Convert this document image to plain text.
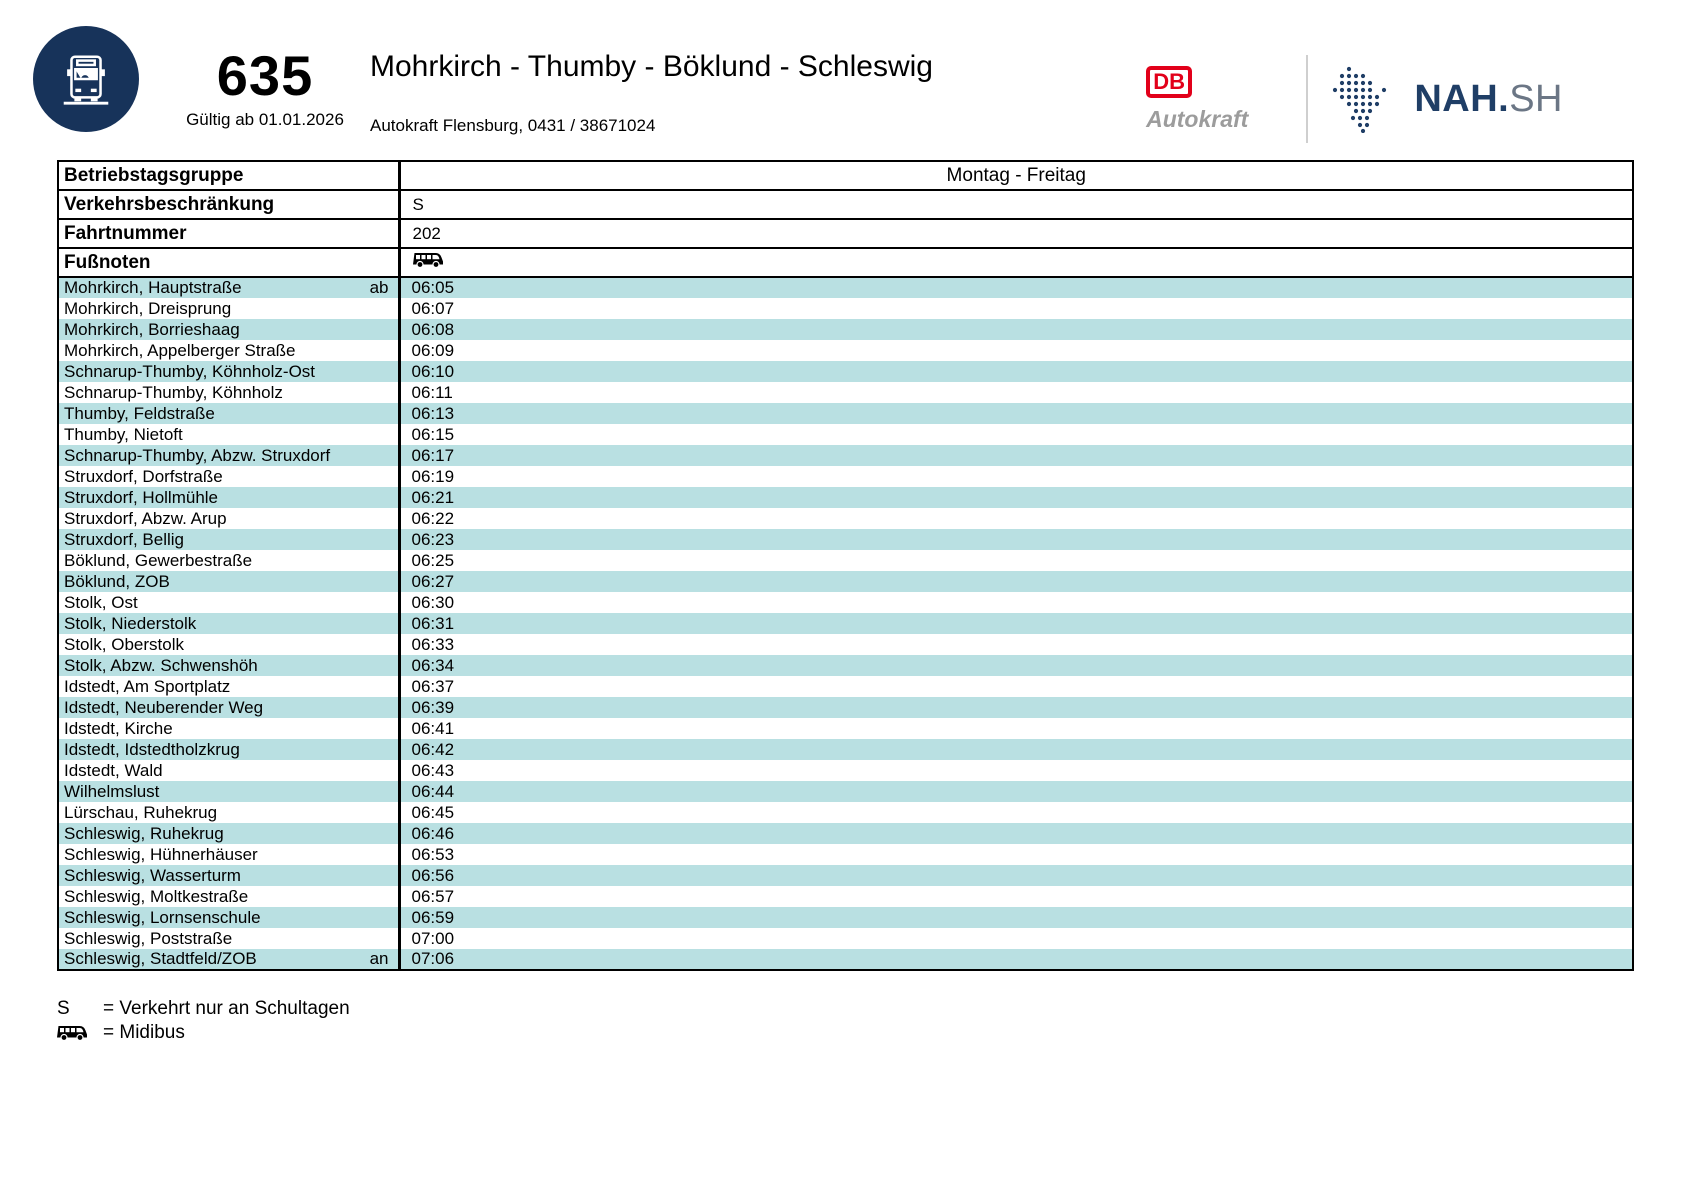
635
Gültig ab 01.01.2026
Mohrkirch - Thumby - Böklund - Schleswig
Autokraft Flensburg, 0431 / 38671024
DB
Autokraft	NAH.SH
Betriebstagsgruppe	Montag - Freitag
Verkehrsbeschränkung	S
Fahrtnummer	202
Fußnoten	

Mohrkirch, Hauptstraße ab	06:05

Mohrkirch, Dreisprung	06:07

Mohrkirch, Borrieshaag	06:08

Mohrkirch, Appelberger Straße	06:09

Schnarup-Thumby, Köhnholz-Ost	06:10

Schnarup-Thumby, Köhnholz	06:11

Thumby, Feldstraße	06:13

Thumby, Nietoft	06:15

Schnarup-Thumby, Abzw. Struxdorf	06:17

Struxdorf, Dorfstraße	06:19

Struxdorf, Hollmühle	06:21

Struxdorf, Abzw. Arup	06:22

Struxdorf, Bellig	06:23

Böklund, Gewerbestraße	06:25

Böklund, ZOB	06:27

Stolk, Ost	06:30

Stolk, Niederstolk	06:31

Stolk, Oberstolk	06:33

Stolk, Abzw. Schwenshöh	06:34

Idstedt, Am Sportplatz	06:37

Idstedt, Neuberender Weg	06:39

Idstedt, Kirche	06:41

Idstedt, Idstedtholzkrug	06:42

Idstedt, Wald	06:43

Wilhelmslust	06:44

Lürschau, Ruhekrug	06:45

Schleswig, Ruhekrug	06:46

Schleswig, Hühnerhäuser	06:53

Schleswig, Wasserturm	06:56

Schleswig, Moltkestraße	06:57

Schleswig, Lornsenschule	06:59

Schleswig, Poststraße	07:00

Schleswig, Stadtfeld/ZOB an	07:06
S = Verkehrt nur an Schultagen
= Midibus
